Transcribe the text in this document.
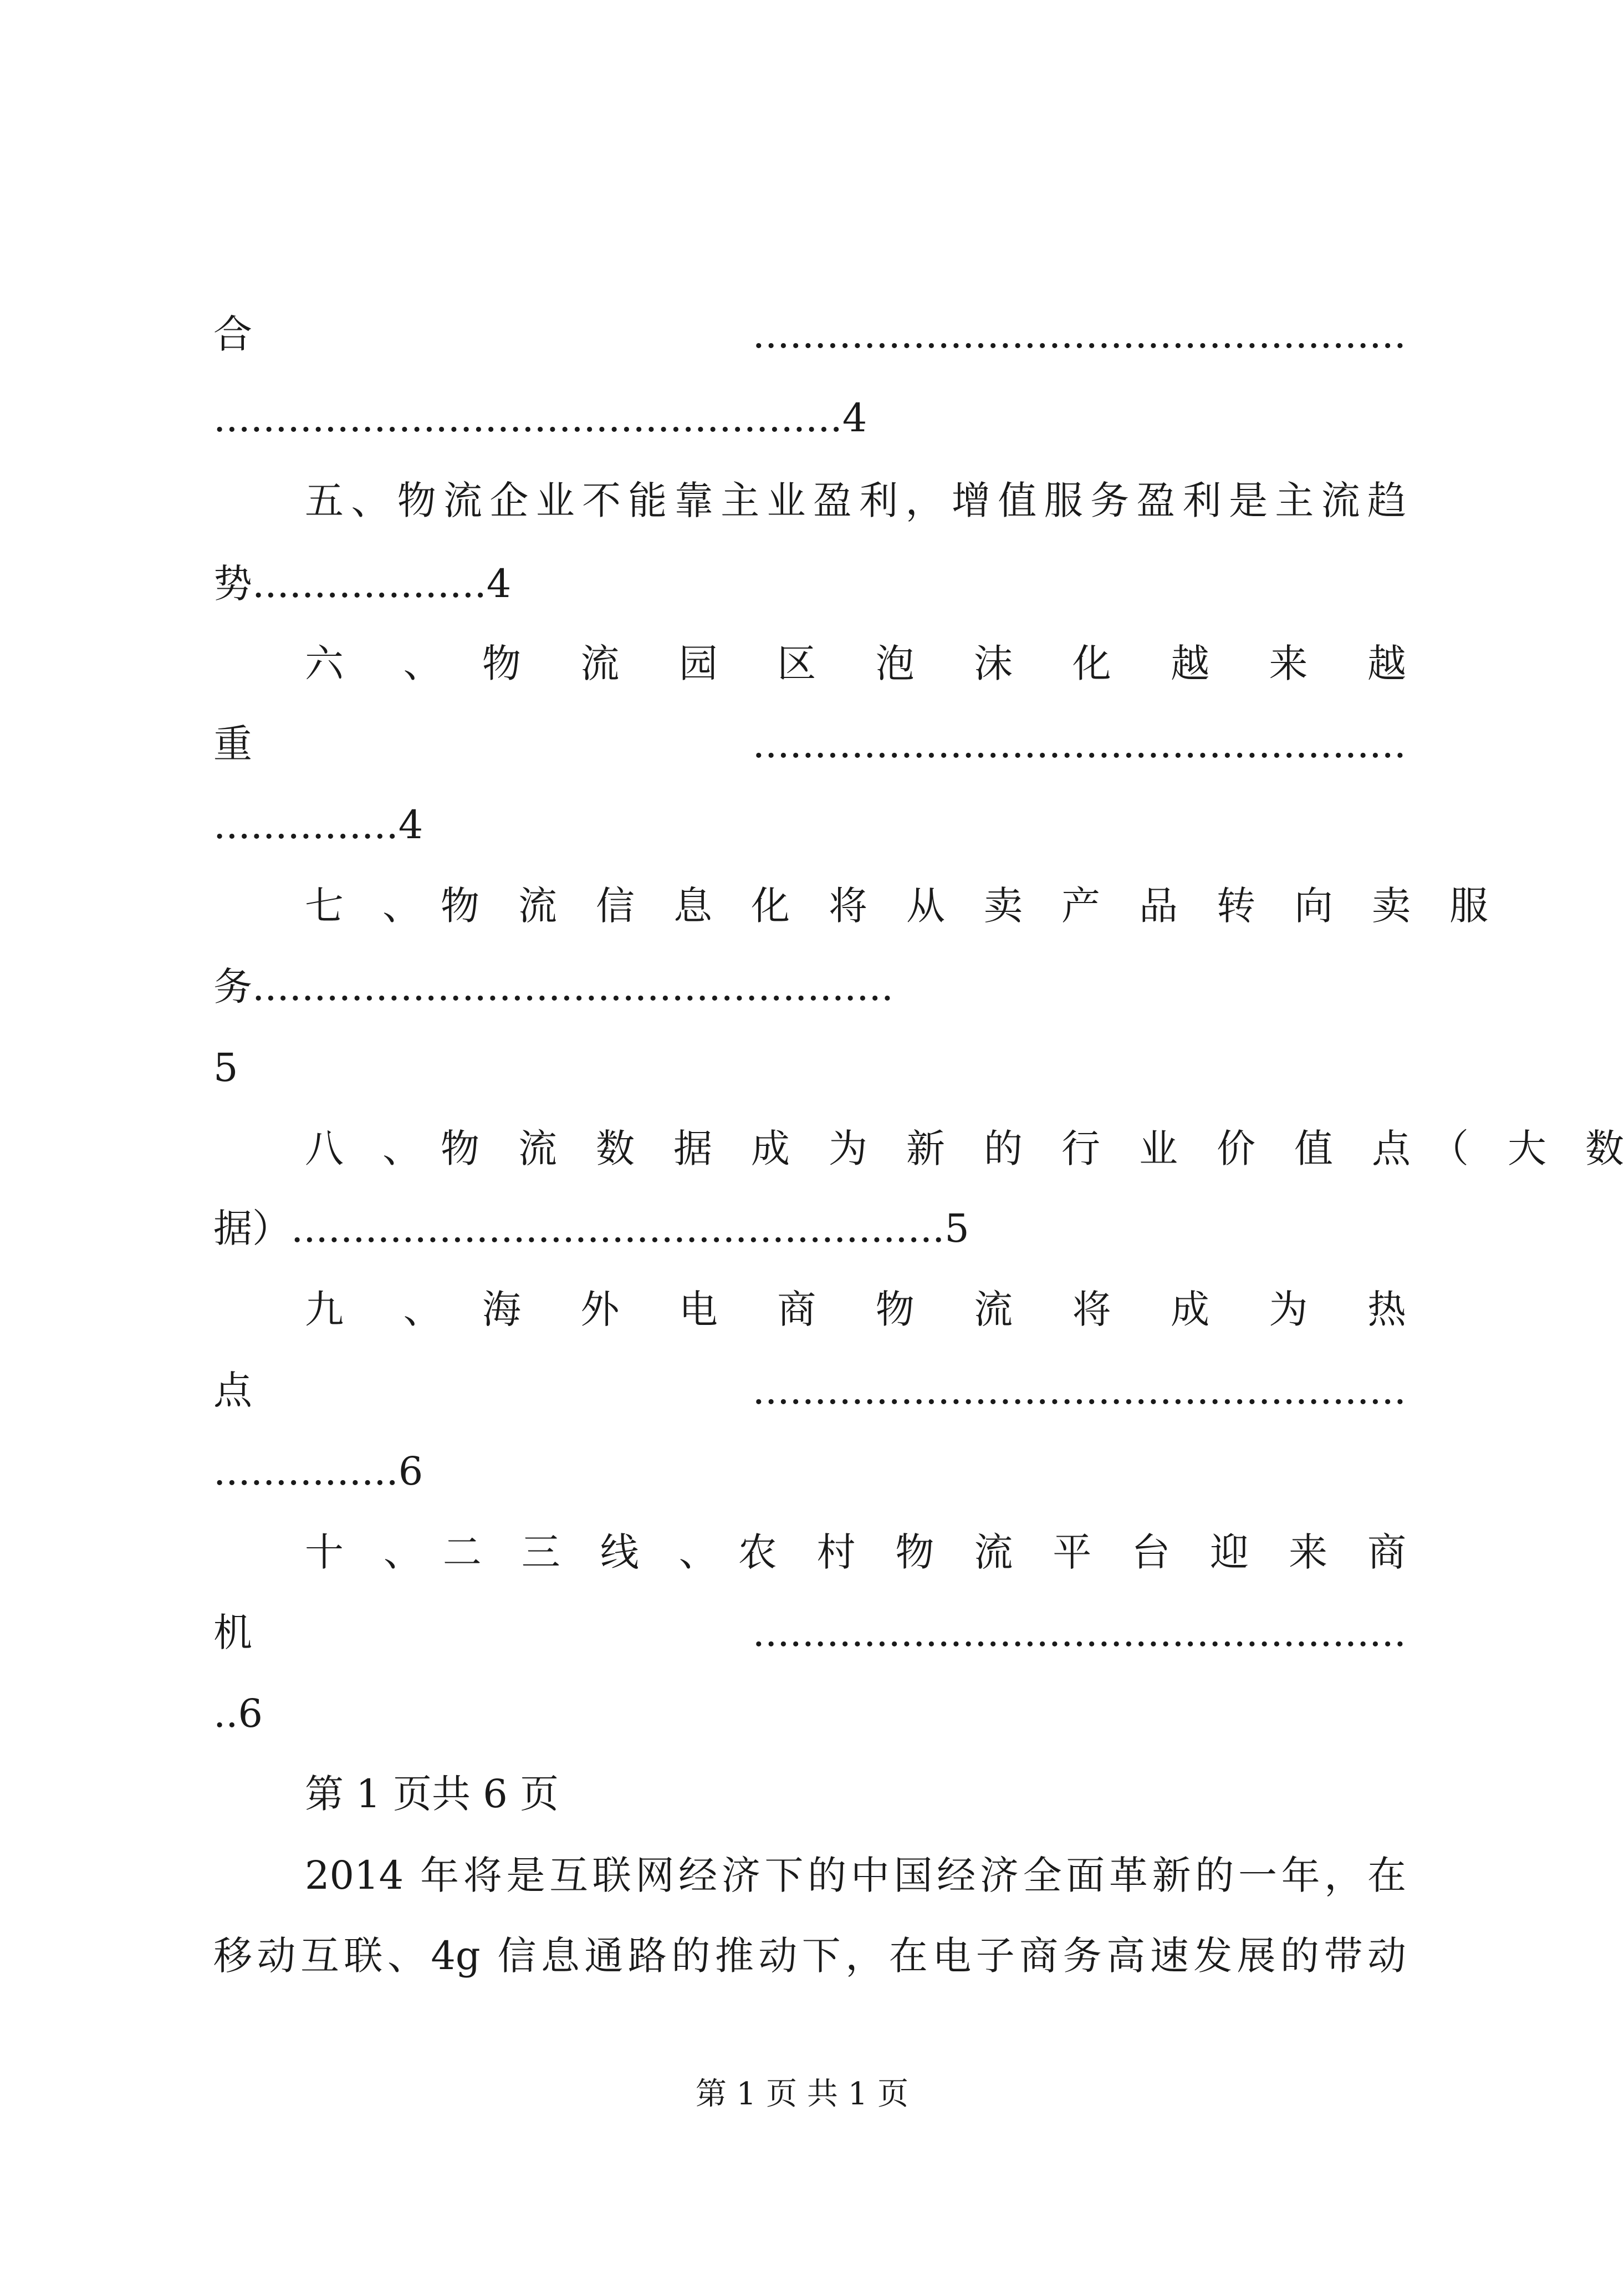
合.....................................................
...................................................4
五、物流企业不能靠主业盈利，增值服务盈利是主流趋
势...................4
六　、　物　流　园　区　泡　沫　化　越　来　越
重.....................................................
...............4
七　、　物　流　信　息　化　将　从　卖　产　品　转　向　卖　服
务....................................................
5
八　、　物　流　数　据　成　为　新　的　行　业　价　值　点　（　大　数
据）.....................................................5
九　、　海　外　电　商　物　流　将　成　为　热
点.....................................................
...............6
十　、　二　三　线　、　农　村　物　流　平　台　迎　来　商
机.....................................................
..6
第 1 页共 6 页
2014 年将是互联网经济下的中国经济全面革新的一年，在
移动互联、4g 信息通路的推动下，在电子商务高速发展的带动
第 1 页 共 1 页
